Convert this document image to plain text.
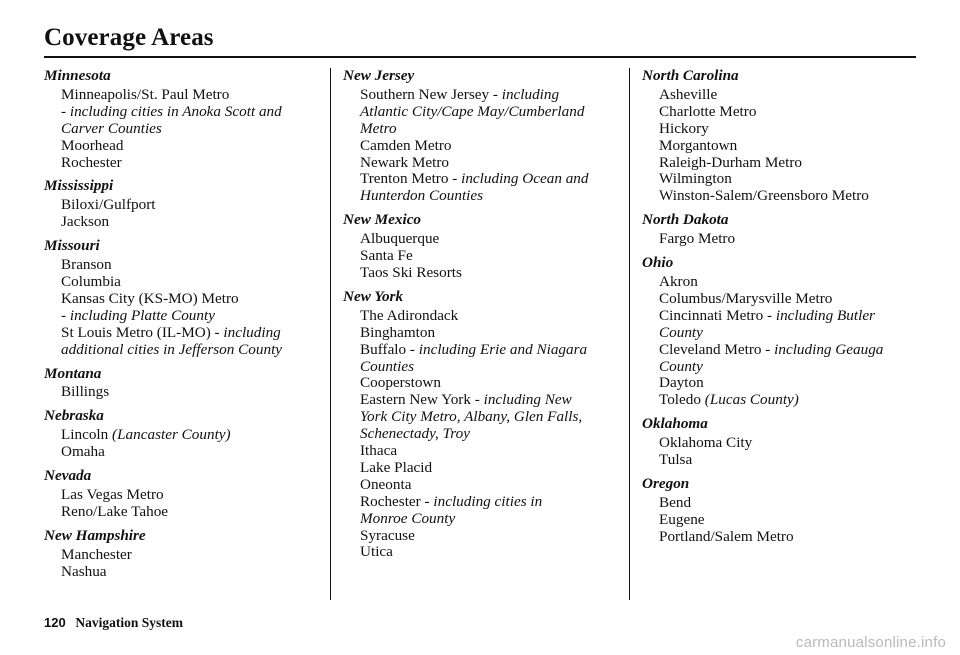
Coverage Areas
Minnesota
Minneapolis/St. Paul Metro
- including cities in Anoka Scott and
Carver Counties
Moorhead
Rochester
Mississippi
Biloxi/Gulfport
Jackson
Missouri
Branson
Columbia
Kansas City (KS-MO) Metro
- including Platte County
St Louis Metro (IL-MO) - including
additional cities in Jefferson County
Montana
Billings
Nebraska
Lincoln (Lancaster County)
Omaha
Nevada
Las Vegas Metro
Reno/Lake Tahoe
New Hampshire
Manchester
Nashua
New Jersey
Southern New Jersey - including
Atlantic City/Cape May/Cumberland
Metro
Camden Metro
Newark Metro
Trenton Metro - including Ocean and
Hunterdon Counties
New Mexico
Albuquerque
Santa Fe
Taos Ski Resorts
New York
The Adirondack
Binghamton
Buffalo - including Erie and Niagara
Counties
Cooperstown
Eastern New York - including New
York City Metro, Albany, Glen Falls,
Schenectady, Troy
Ithaca
Lake Placid
Oneonta
Rochester - including cities in
Monroe County
Syracuse
Utica
North Carolina
Asheville
Charlotte Metro
Hickory
Morgantown
Raleigh-Durham Metro
Wilmington
Winston-Salem/Greensboro Metro
North Dakota
Fargo Metro
Ohio
Akron
Columbus/Marysville Metro
Cincinnati Metro - including Butler
County
Cleveland Metro - including Geauga
County
Dayton
Toledo (Lucas County)
Oklahoma
Oklahoma City
Tulsa
Oregon
Bend
Eugene
Portland/Salem Metro
120 Navigation System
carmanualsonline.info
